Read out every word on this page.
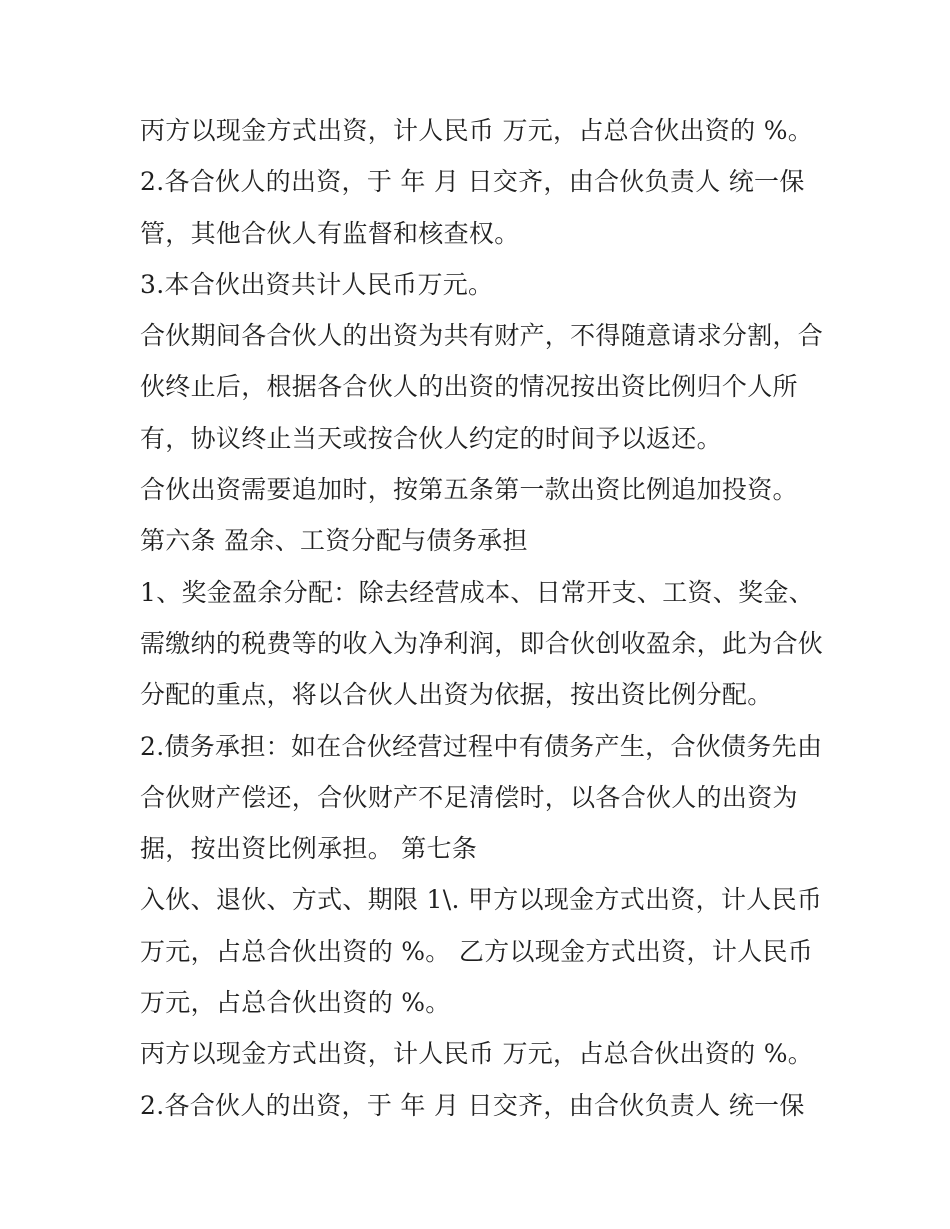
丙方以现金方式出资，计人民币 万元，占总合伙出资的 %。

2.各合伙人的出资，于 年 月 日交齐，由合伙负责人 统一保

管，其他合伙人有监督和核查权。

3.本合伙出资共计人民币万元。

合伙期间各合伙人的出资为共有财产，不得随意请求分割，合

伙终止后，根据各合伙人的出资的情况按出资比例归个人所

有，协议终止当天或按合伙人约定的时间予以返还。

合伙出资需要追加时，按第五条第一款出资比例追加投资。

第六条 盈余、工资分配与债务承担

1、奖金盈余分配：除去经营成本、日常开支、工资、奖金、

需缴纳的税费等的收入为净利润，即合伙创收盈余，此为合伙

分配的重点，将以合伙人出资为依据，按出资比例分配。

2.债务承担：如在合伙经营过程中有债务产生，合伙债务先由

合伙财产偿还，合伙财产不足清偿时，以各合伙人的出资为

据，按出资比例承担。 第七条

入伙、退伙、方式、期限 1\. 甲方以现金方式出资，计人民币

万元，占总合伙出资的 %。 乙方以现金方式出资，计人民币

万元，占总合伙出资的 %。

丙方以现金方式出资，计人民币 万元，占总合伙出资的 %。

2.各合伙人的出资，于 年 月 日交齐，由合伙负责人 统一保
